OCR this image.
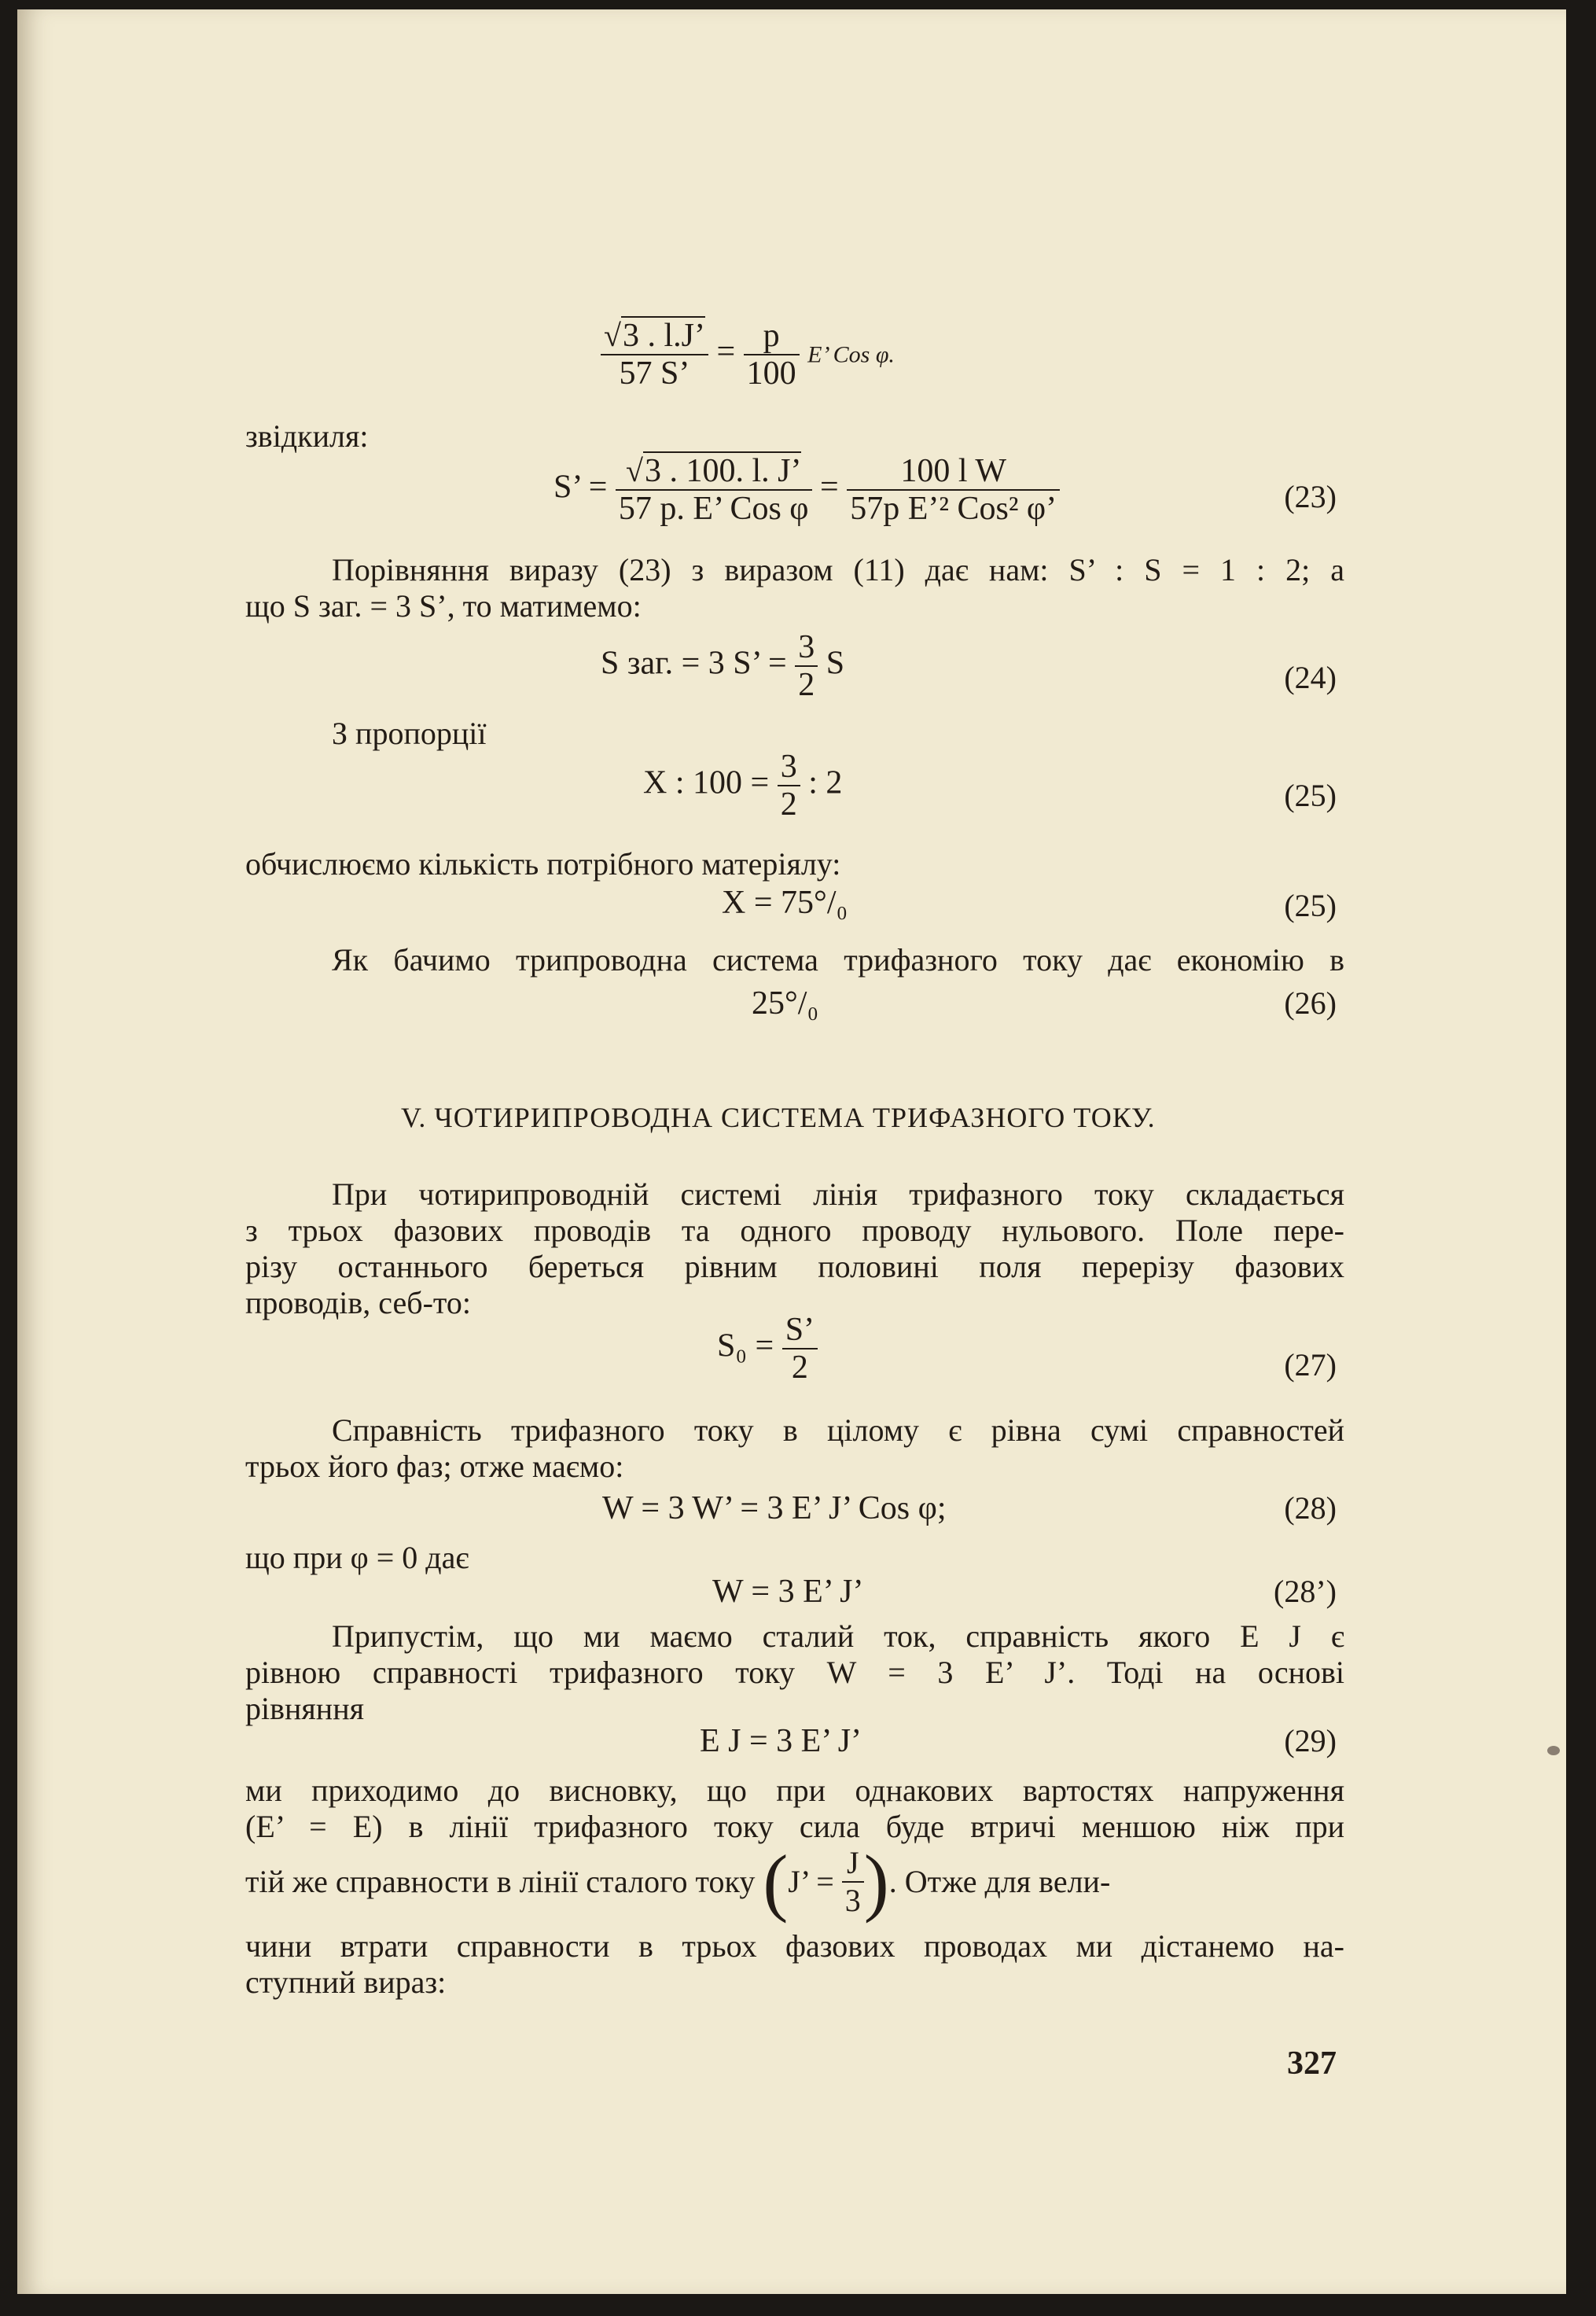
$\frac{√3 . l.J’}{57 S’} = \frac{p}{100} E$’ Cos φ.
звідкиля:
S’ = $\frac{√3 . 100. l. J’}{\text{57 p. E’ Cos φ}} = \frac{\text{100 l W}}{\text{57p E’² Cos² φ’}}$	(23)
Порівняння виразу (23) з виразом (11) дає нам: S’ : S = 1 : 2; а
що S заг. = 3 S’, то матимемо:
S заг. = 3 S’ = $\frac{3}{2}$ S	(24)
З пропорції
X : $100 = \frac{3}{2}$ : 2	(25)
обчислюємо кількість потрібного матеріялу:
X = 75°/₀	(25)
Як бачимо трипроводна система трифазного току дає економію в
25°/₀	(26)
V. ЧОТИРИПРОВОДНА СИСТЕМА ТРИФАЗНОГО ТОКУ.
При чотирипроводній системі лінія трифазного току складається
з трьох фазових проводів та одного проводу нульового. Поле пере-
різу останнього береться рівним половині поля перерізу фазових
проводів, себ-то:
$S_0 = \frac{S’}{2}$	(27)
Справність трифазного току в цілому є рівна сумі справностей
трьох його фаз; отже маємо:
W = 3 W’ = 3 E’ J’ Cos φ;	(28)
що при φ = 0 дає
W = 3 E’ J’	(28’)
Припустім, що ми маємо сталий ток, справність якого E J є
рівною справності трифазного току W = 3 E’ J’. Тоді на основі
рівняння
E J = 3 E’ J’	(29)
ми приходимо до висновку, що при однакових вартостях напруження
(E’ = E) в лінії трифазного току сила буде втричі меншою ніж при
тій же справности в лінії сталого току (J’ = $\frac{J}{3}$ ). Отже для вели-
чини втрати справности в трьох фазових проводах ми дістанемо на-
ступний вираз:
327
